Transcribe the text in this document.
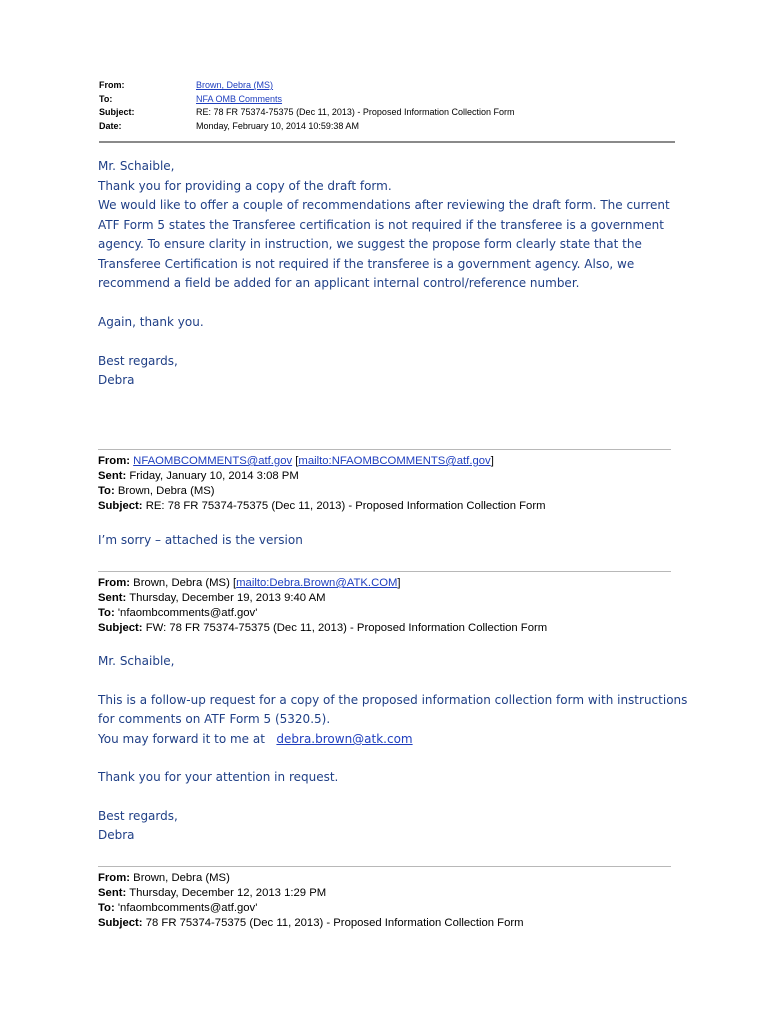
From:	Brown, Debra (MS)
To:	NFA OMB Comments
Subject:	RE: 78 FR 75374-75375 (Dec 11, 2013) - Proposed Information Collection Form
Date:	Monday, February 10, 2014 10:59:38 AM
Mr. Schaible,
Thank you for providing a copy of the draft form.
We would like to offer a couple of recommendations after reviewing the draft form. The current
ATF Form 5 states the Transferee certification is not required if the transferee is a government
agency. To ensure clarity in instruction, we suggest the propose form clearly state that the
Transferee Certification is not required if the transferee is a government agency. Also, we
recommend a field be added for an applicant internal control/reference number.
Again, thank you.
Best regards,
Debra
From: NFAOMBCOMMENTS@atf.gov [mailto:NFAOMBCOMMENTS@atf.gov]
Sent: Friday, January 10, 2014 3:08 PM
To: Brown, Debra (MS)
Subject: RE: 78 FR 75374-75375 (Dec 11, 2013) - Proposed Information Collection Form
I’m sorry – attached is the version
From: Brown, Debra (MS) [mailto:Debra.Brown@ATK.COM]
Sent: Thursday, December 19, 2013 9:40 AM
To: 'nfaombcomments@atf.gov'
Subject: FW: 78 FR 75374-75375 (Dec 11, 2013) - Proposed Information Collection Form
Mr. Schaible,
This is a follow-up request for a copy of the proposed information collection form with instructions
for comments on ATF Form 5 (5320.5).
You may forward it to me at debra.brown@atk.com
Thank you for your attention in request.
Best regards,
Debra
From: Brown, Debra (MS)
Sent: Thursday, December 12, 2013 1:29 PM
To: 'nfaombcomments@atf.gov'
Subject: 78 FR 75374-75375 (Dec 11, 2013) - Proposed Information Collection Form
